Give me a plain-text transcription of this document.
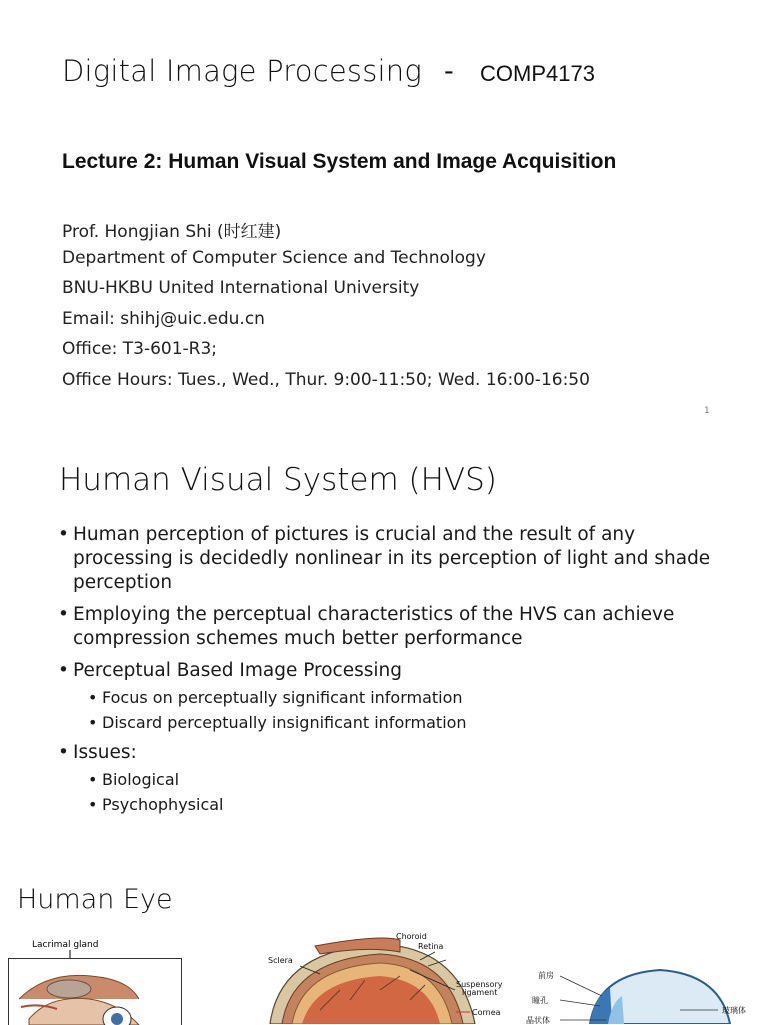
Digital Image Processing - COMP4173
Lecture 2: Human Visual System and Image Acquisition
Prof. Hongjian Shi (时红建)
Department of Computer Science and Technology
BNU-HKBU United International University
Email: shihj@uic.edu.cn
Office: T3-601-R3;
Office Hours: Tues., Wed., Thur. 9:00-11:50; Wed. 16:00-16:50
1
Human Visual System (HVS)
• Human perception of pictures is crucial and the result of any processing is decidedly nonlinear in its perception of light and shade perception
• Employing the perceptual characteristics of the HVS can achieve compression schemes much better performance
• Perceptual Based Image Processing
• Focus on perceptually significant information
• Discard perceptually insignificant information
• Issues:
• Biological
• Psychophysical
Human Eye
Lacrimal gland
Choroid
Retina
Sclera
Suspensory
ligament
Cornea
前房
瞳孔
晶状体
玻璃体
